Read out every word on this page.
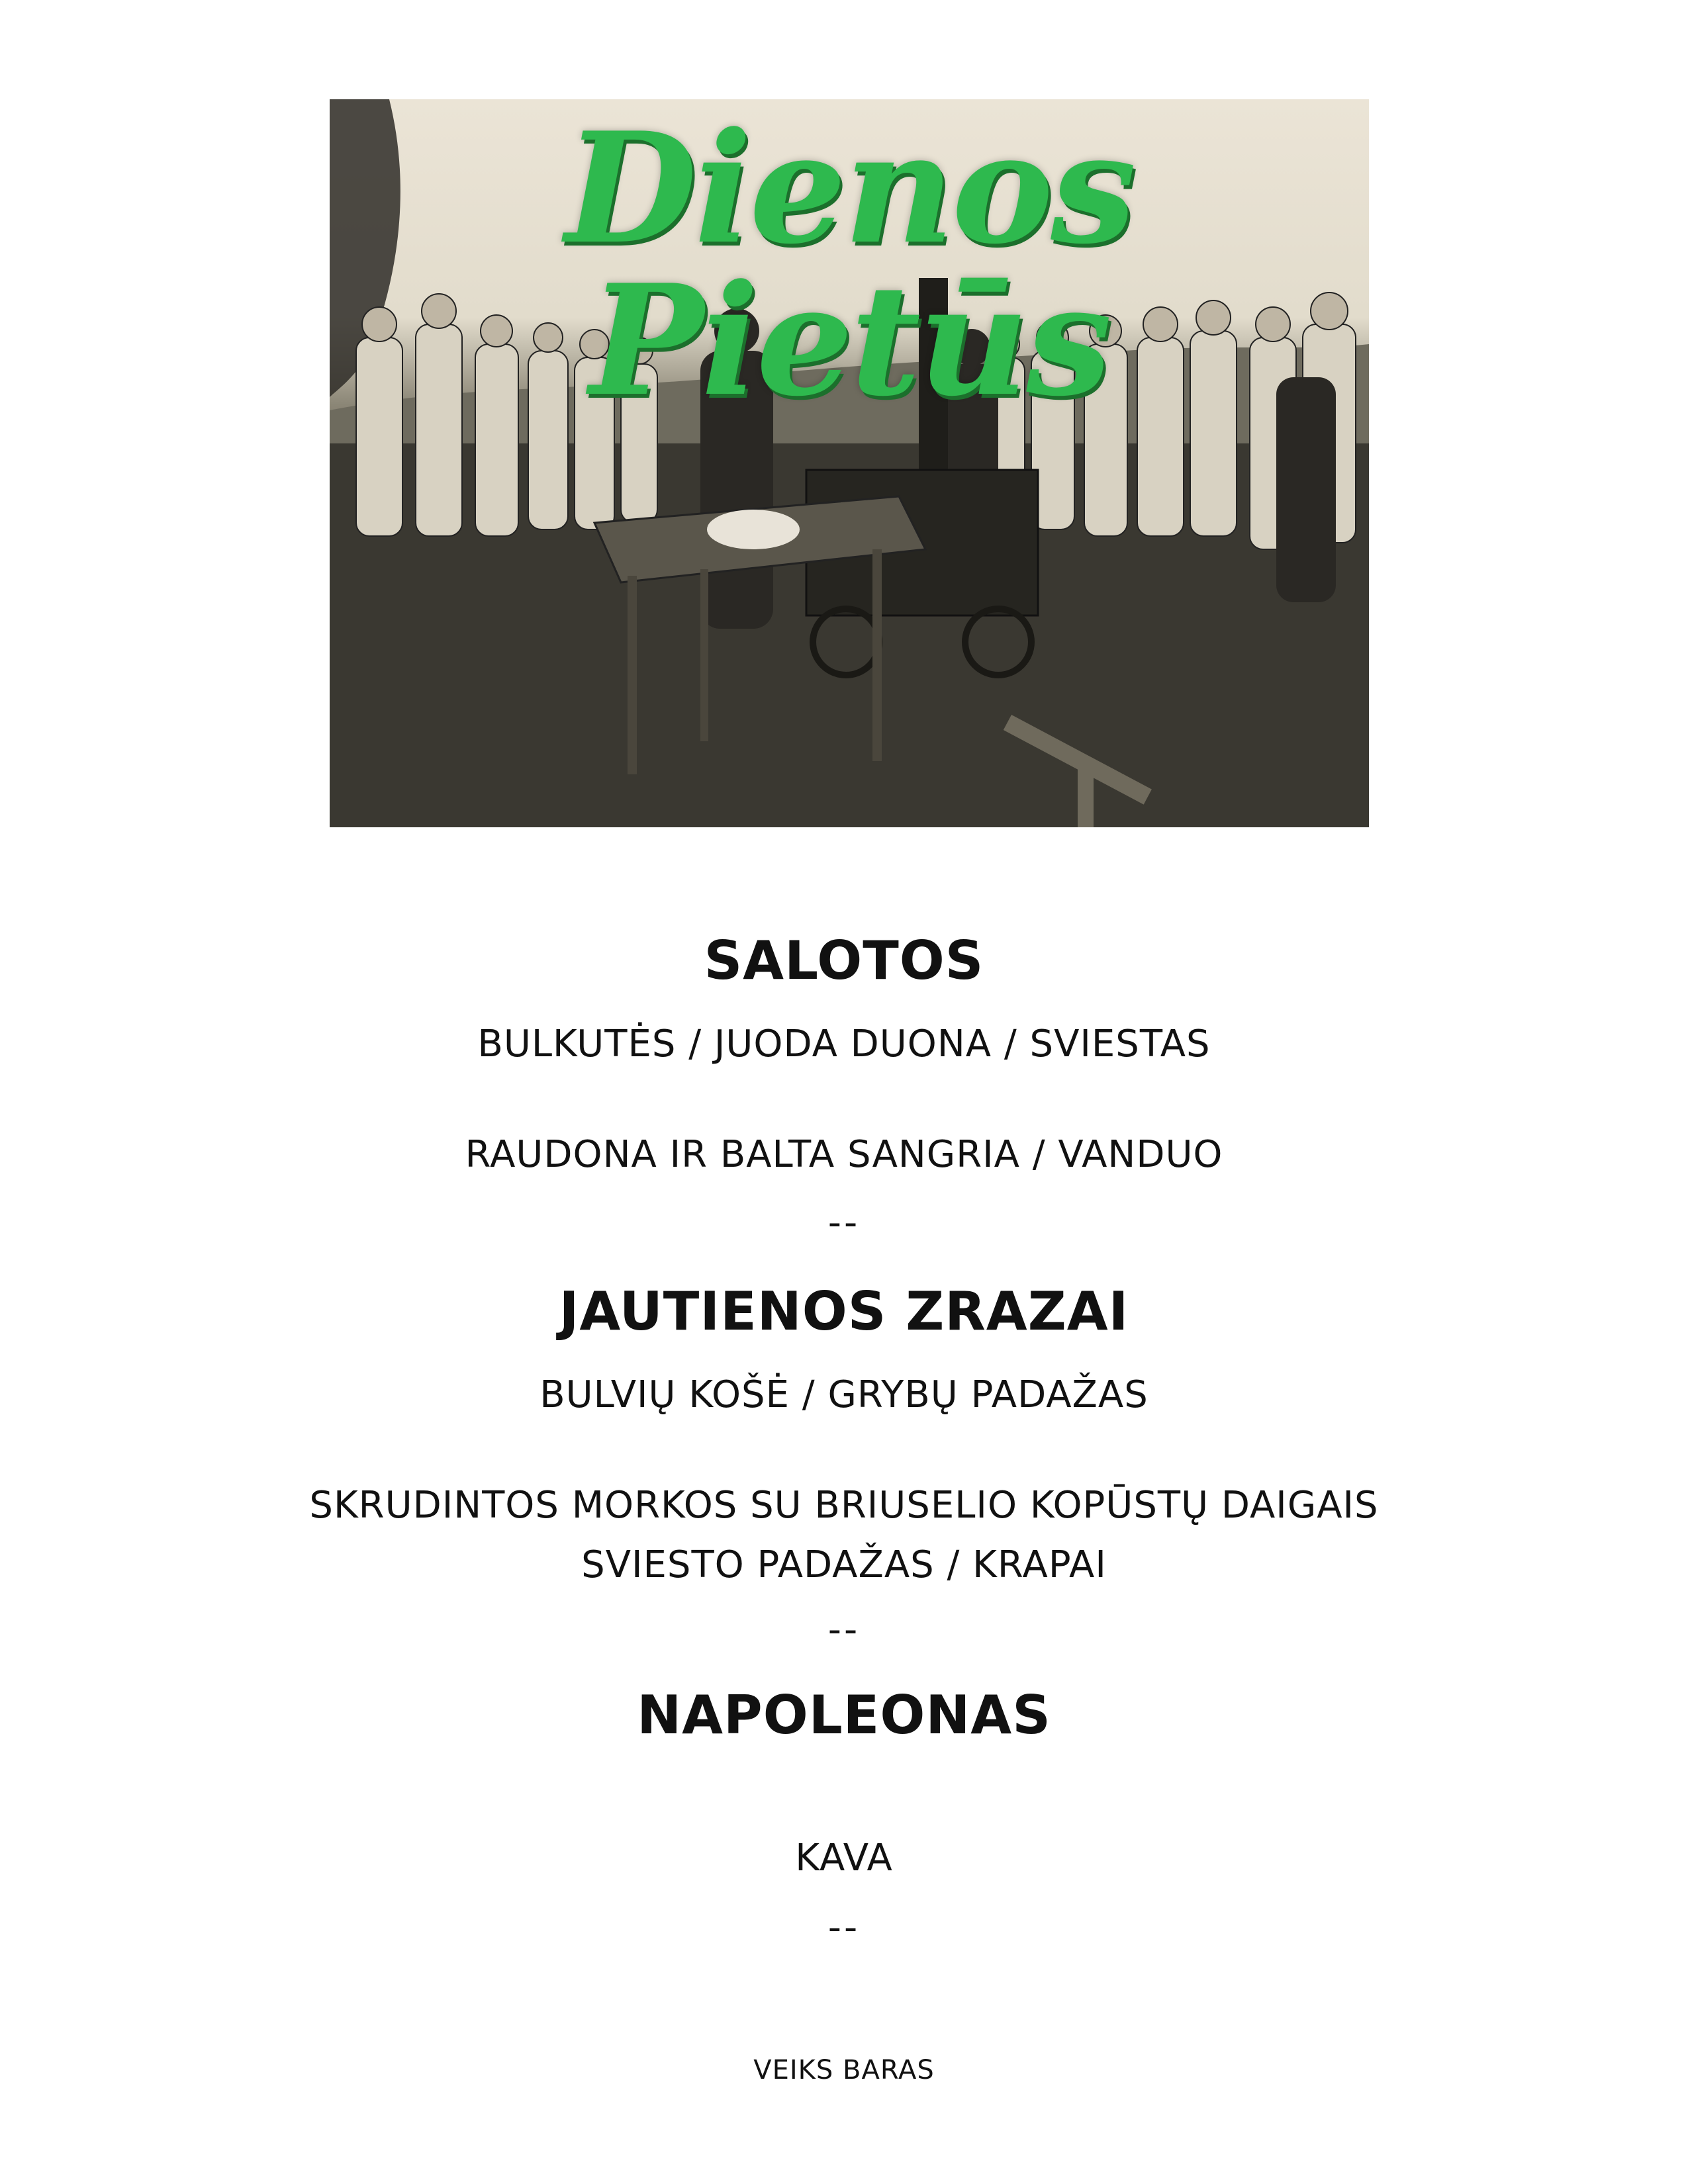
Dienos Pietūs
SALOTOS
BULKUTĖS / JUODA DUONA / SVIESTAS
RAUDONA IR BALTA SANGRIA / VANDUO
--
JAUTIENOS ZRAZAI
BULVIŲ KOŠĖ / GRYBŲ PADAŽAS
SKRUDINTOS MORKOS SU BRIUSELIO KOPŪSTŲ DAIGAIS
SVIESTO PADAŽAS / KRAPAI
--
NAPOLEONAS
KAVA
--
VEIKS BARAS
